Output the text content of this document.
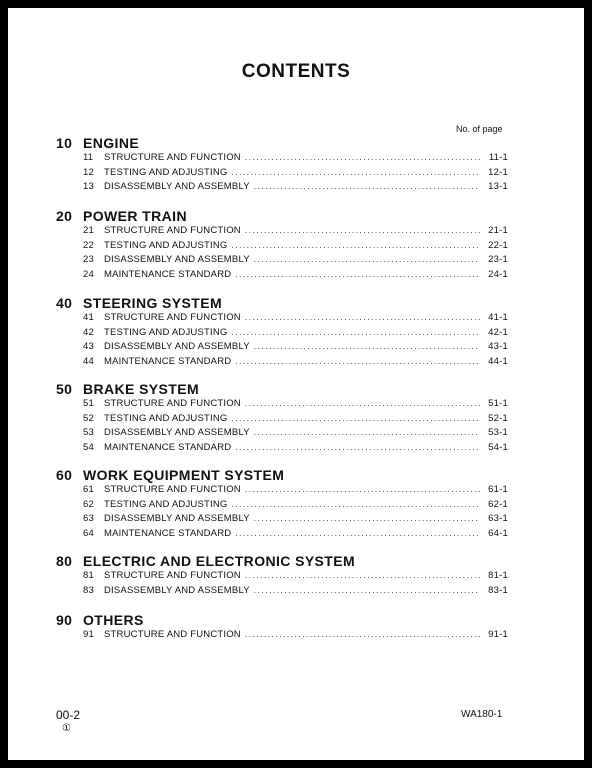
CONTENTS
No. of page
10 ENGINE
11	STRUCTURE AND FUNCTION .....	11-1
12	TESTING AND ADJUSTING .....	12-1
13	DISASSEMBLY AND ASSEMBLY .....	13-1
20 POWER TRAIN
21	STRUCTURE AND FUNCTION .....	21-1
22	TESTING AND ADJUSTING .....	22-1
23	DISASSEMBLY AND ASSEMBLY .....	23-1
24	MAINTENANCE STANDARD .....	24-1
40 STEERING SYSTEM
41	STRUCTURE AND FUNCTION .....	41-1
42	TESTING AND ADJUSTING .....	42-1
43	DISASSEMBLY AND ASSEMBLY .....	43-1
44	MAINTENANCE STANDARD .....	44-1
50 BRAKE SYSTEM
51	STRUCTURE AND FUNCTION .....	51-1
52	TESTING AND ADJUSTING .....	52-1
53	DISASSEMBLY AND ASSEMBLY .....	53-1
54	MAINTENANCE STANDARD .....	54-1
60 WORK EQUIPMENT SYSTEM
61	STRUCTURE AND FUNCTION .....	61-1
62	TESTING AND ADJUSTING .....	62-1
63	DISASSEMBLY AND ASSEMBLY .....	63-1
64	MAINTENANCE STANDARD .....	64-1
80 ELECTRIC AND ELECTRONIC SYSTEM
81	STRUCTURE AND FUNCTION .....	81-1
83	DISASSEMBLY AND ASSEMBLY .....	83-1
90 OTHERS
91	STRUCTURE AND FUNCTION .....	91-1
00-2
①
WA180-1
